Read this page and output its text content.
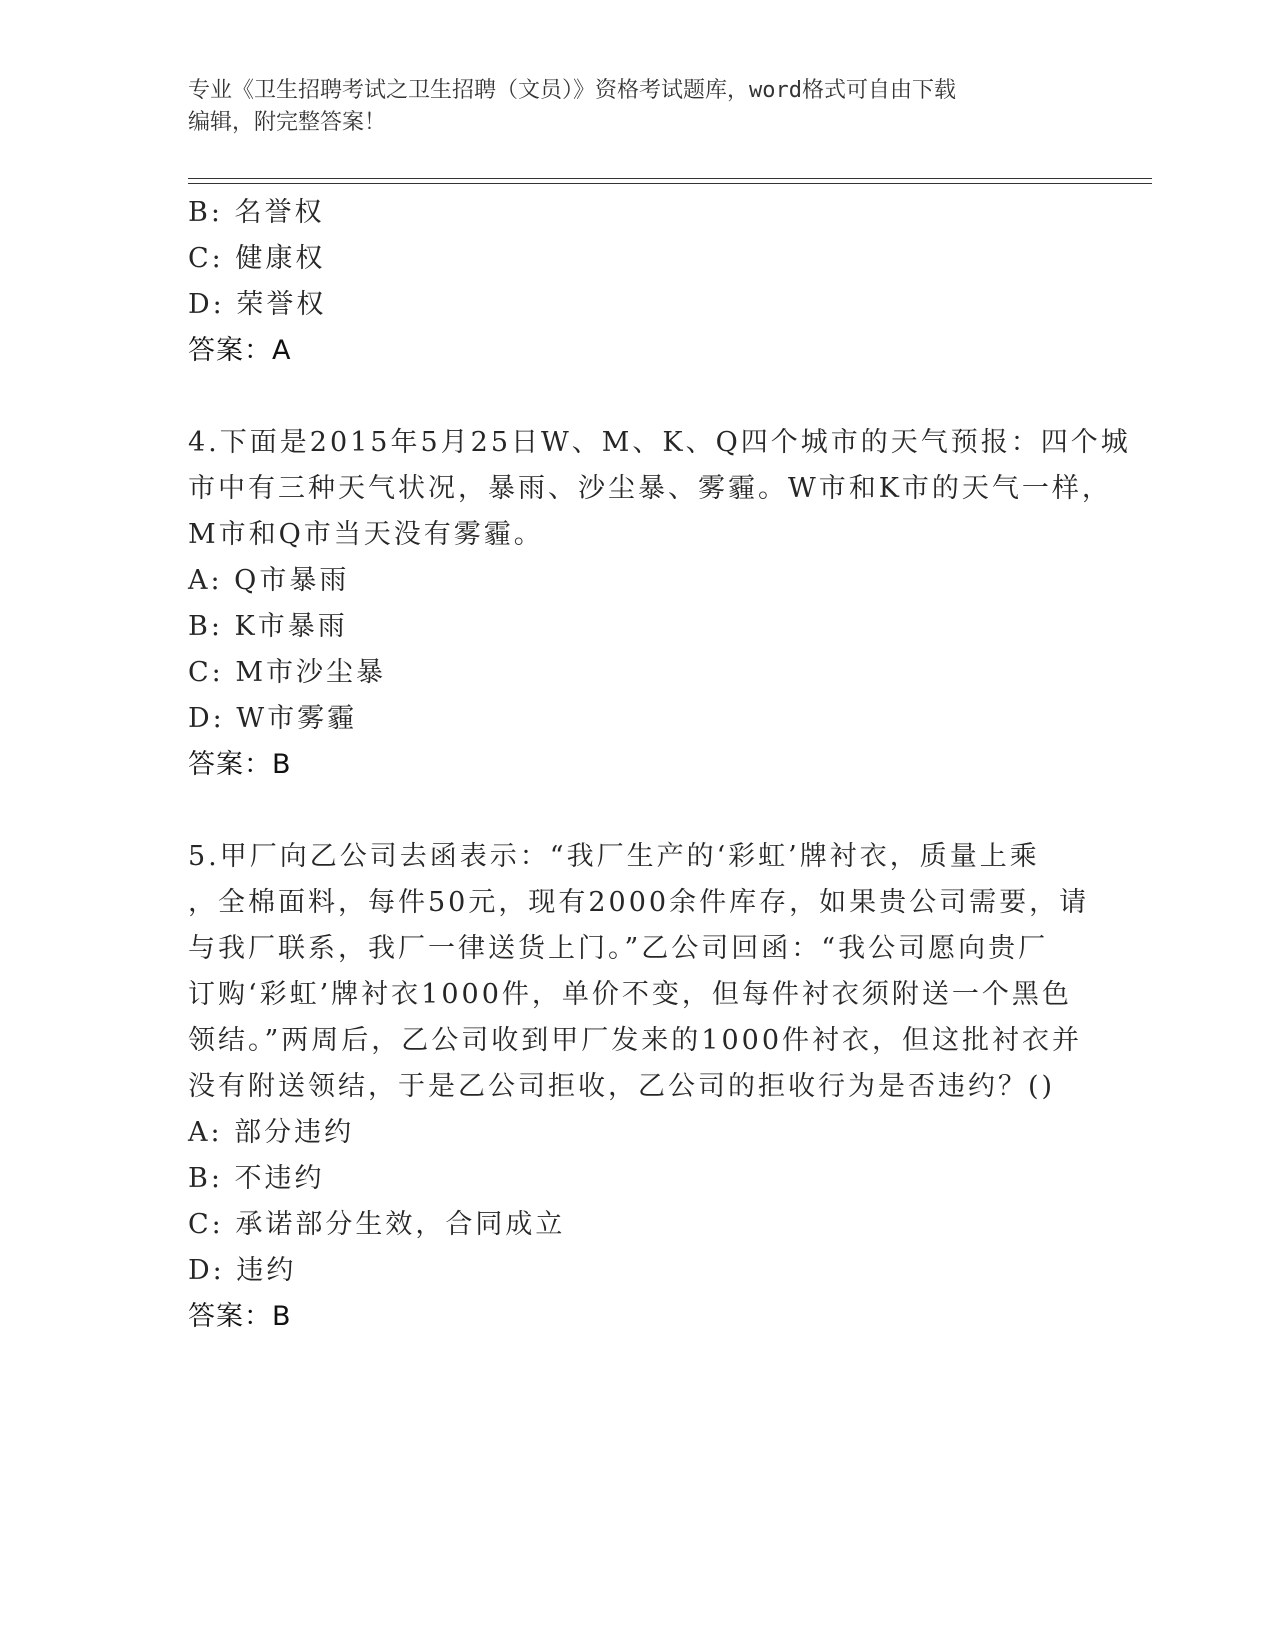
专业《卫生招聘考试之卫生招聘（文员）》资格考试题库，word格式可自由下载
编辑，附完整答案！
B: 名誉权
C: 健康权
D: 荣誉权
答案：A
4.下面是2015年5月25日W、M、K、Q四个城市的天气预报：四个城
市中有三种天气状况，暴雨、沙尘暴、雾霾。W市和K市的天气一样，
M市和Q市当天没有雾霾。
A: Q市暴雨
B: K市暴雨
C: M市沙尘暴
D: W市雾霾
答案：B
5.甲厂向乙公司去函表示：“我厂生产的‘彩虹’牌衬衣，质量上乘
，全棉面料，每件50元，现有2000余件库存，如果贵公司需要，请
与我厂联系，我厂一律送货上门。”乙公司回函：“我公司愿向贵厂
订购‘彩虹’牌衬衣1000件，单价不变，但每件衬衣须附送一个黑色
领结。”两周后，乙公司收到甲厂发来的1000件衬衣，但这批衬衣并
没有附送领结，于是乙公司拒收，乙公司的拒收行为是否违约？()
A: 部分违约
B: 不违约
C: 承诺部分生效，合同成立
D: 违约
答案：B
